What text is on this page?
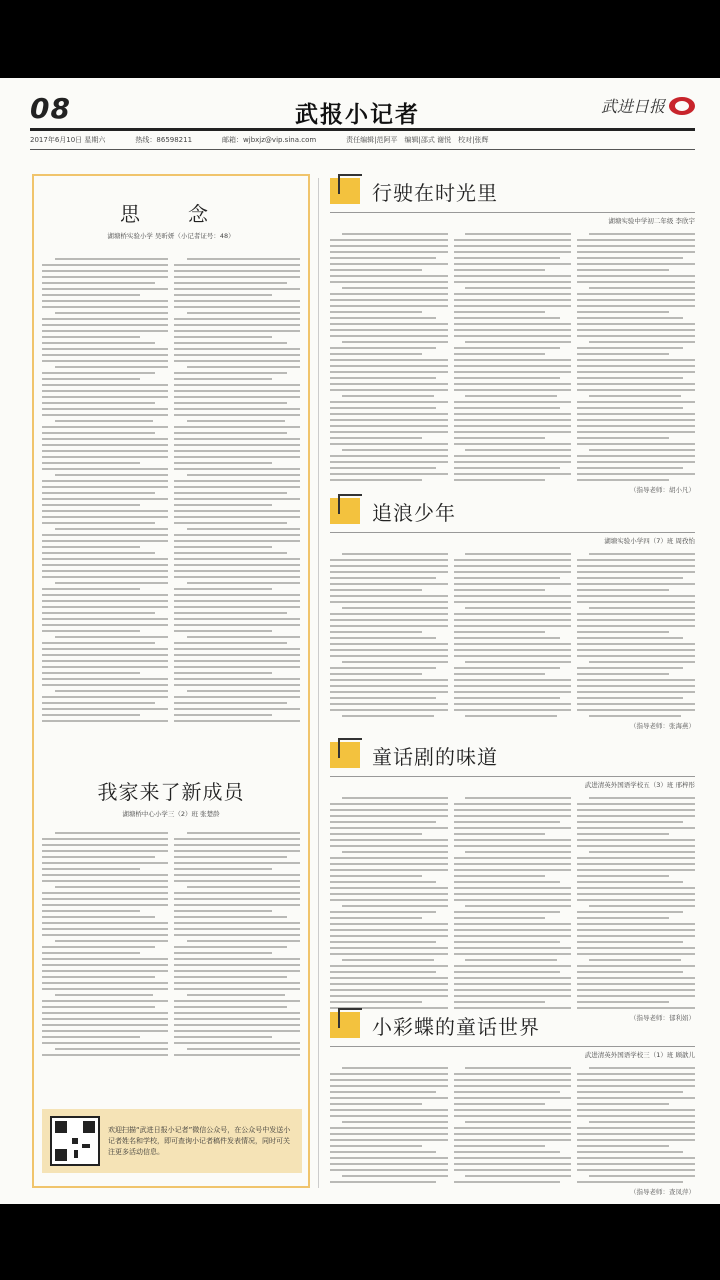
08	武报小记者	武进日报
2017年6月10日 星期六	热线：86598211	邮箱：wjbxjz@vip.sina.com	责任编辑|范阿平　编辑|邵式 谢悦　校对|张辉
思　念
湖塘桥实验小学 吴昕妍（小记者证号：48）
我家来了新成员
湖塘桥中心小学三（2）班 张楚龄
欢迎扫描“武进日报小记者”微信公众号，在公众号中发送小记者姓名和学校，即可查询小记者稿件发表情况，同时可关注更多活动信息。
行驶在时光里
湖塘实验中学初二年级 李欣宇
（指导老师：胡小凡）
追浪少年
湖塘实验小学四（7）班 周孜怡
（指导老师：张海燕）
童话剧的味道
武进清英外国语学校五（3）班 邢梓彤
（指导老师：郁利娟）
小彩蝶的童话世界
武进清英外国语学校三（1）班 顾歆儿
（指导老师：查凤萍）
